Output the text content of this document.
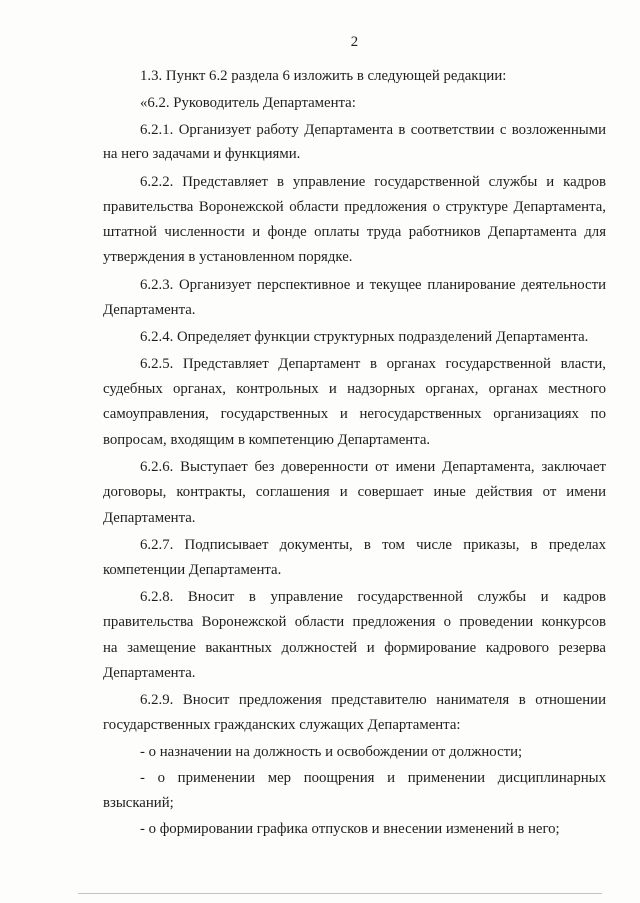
2
1.3. Пункт 6.2 раздела 6 изложить в следующей редакции:
«6.2. Руководитель Департамента:
6.2.1. Организует работу Департамента в соответствии с возложенными
на него задачами и функциями.
6.2.2. Представляет в управление государственной службы и кадров
правительства Воронежской области предложения о структуре Департамента,
штатной численности и фонде оплаты труда работников Департамента для
утверждения в установленном порядке.
6.2.3. Организует перспективное и текущее планирование деятельности
Департамента.
6.2.4. Определяет функции структурных подразделений Департамента.
6.2.5. Представляет Департамент в органах государственной власти,
судебных органах, контрольных и надзорных органах, органах местного
самоуправления, государственных и негосударственных организациях по
вопросам, входящим в компетенцию Департамента.
6.2.6. Выступает без доверенности от имени Департамента, заключает
договоры, контракты, соглашения и совершает иные действия от имени
Департамента.
6.2.7. Подписывает документы, в том числе приказы, в пределах
компетенции Департамента.
6.2.8. Вносит в управление государственной службы и кадров
правительства Воронежской области предложения о проведении конкурсов
на замещение вакантных должностей и формирование кадрового резерва
Департамента.
6.2.9. Вносит предложения представителю нанимателя в отношении
государственных гражданских служащих Департамента:
- о назначении на должность и освобождении от должности;
- о применении мер поощрения и применении дисциплинарных
взысканий;
- о формировании графика отпусков и внесении изменений в него;
